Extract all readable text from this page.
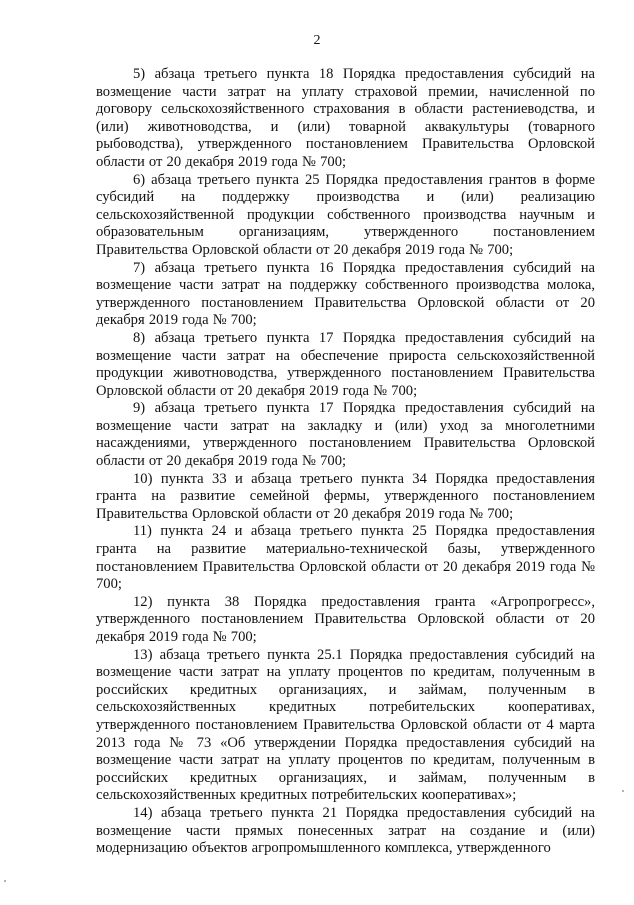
2

5) абзаца третьего пункта 18 Порядка предоставления субсидий на возмещение части затрат на уплату страховой премии, начисленной по договору сельскохозяйственного страхования в области растениеводства, и (или) животноводства, и (или) товарной аквакультуры (товарного рыбоводства), утвержденного постановлением Правительства Орловской области от 20 декабря 2019 года № 700;

6) абзаца третьего пункта 25 Порядка предоставления грантов в форме субсидий на поддержку производства и (или) реализацию сельскохозяйственной продукции собственного производства научным и образовательным организациям, утвержденного постановлением Правительства Орловской области от 20 декабря 2019 года № 700;

7) абзаца третьего пункта 16 Порядка предоставления субсидий на возмещение части затрат на поддержку собственного производства молока, утвержденного постановлением Правительства Орловской области от 20 декабря 2019 года № 700;

8) абзаца третьего пункта 17 Порядка предоставления субсидий на возмещение части затрат на обеспечение прироста сельскохозяйственной продукции животноводства, утвержденного постановлением Правительства Орловской области от 20 декабря 2019 года № 700;

9) абзаца третьего пункта 17 Порядка предоставления субсидий на возмещение части затрат на закладку и (или) уход за многолетними насаждениями, утвержденного постановлением Правительства Орловской области от 20 декабря 2019 года № 700;

10) пункта 33 и абзаца третьего пункта 34 Порядка предоставления гранта на развитие семейной фермы, утвержденного постановлением Правительства Орловской области от 20 декабря 2019 года № 700;

11) пункта 24 и абзаца третьего пункта 25 Порядка предоставления гранта на развитие материально-технической базы, утвержденного постановлением Правительства Орловской области от 20 декабря 2019 года № 700;

12) пункта 38 Порядка предоставления гранта «Агропрогресс», утвержденного постановлением Правительства Орловской области от 20 декабря 2019 года № 700;

13) абзаца третьего пункта 25.1 Порядка предоставления субсидий на возмещение части затрат на уплату процентов по кредитам, полученным в российских кредитных организациях, и займам, полученным в сельскохозяйственных кредитных потребительских кооперативах, утвержденного постановлением Правительства Орловской области от 4 марта 2013 года № 73 «Об утверждении Порядка предоставления субсидий на возмещение части затрат на уплату процентов по кредитам, полученным в российских кредитных организациях, и займам, полученным в сельскохозяйственных кредитных потребительских кооперативах»;

14) абзаца третьего пункта 21 Порядка предоставления субсидий на возмещение части прямых понесенных затрат на создание и (или) модернизацию объектов агропромышленного комплекса, утвержденного
